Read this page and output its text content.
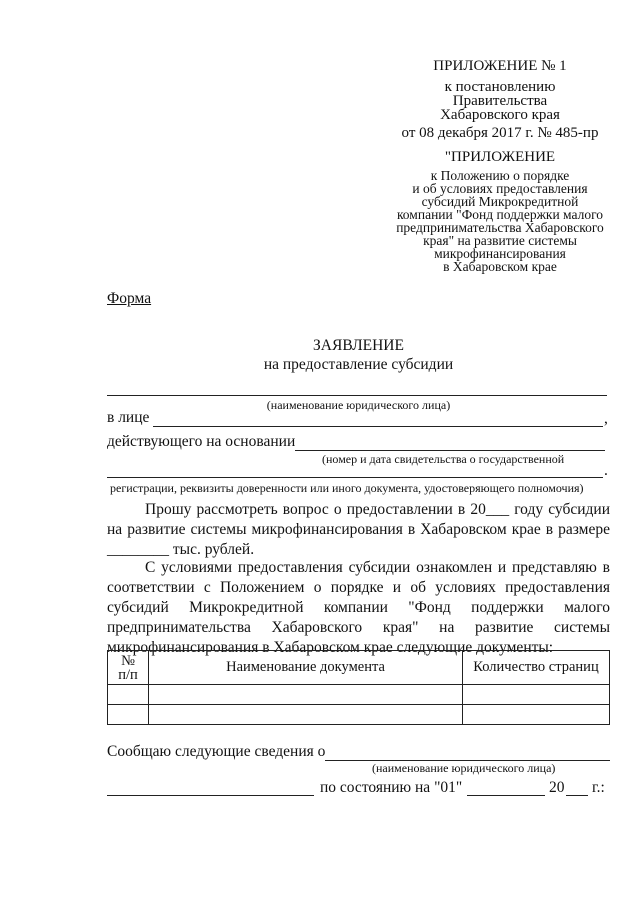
ПРИЛОЖЕНИЕ № 1
к постановлению
Правительства
Хабаровского края
от 08 декабря 2017 г. № 485-пр
"ПРИЛОЖЕНИЕ
к Положению о порядке
и об условиях предоставления
субсидий Микрокредитной
компании "Фонд поддержки малого
предпринимательства Хабаровского
края" на развитие системы
микрофинансирования
в Хабаровском крае
Форма
ЗАЯВЛЕНИЕ
на предоставление субсидии
(наименование юридического лица)
в лице	,
действующего на основании
(номер и дата свидетельства о государственной
.
регистрации, реквизиты доверенности или иного документа, удостоверяющего полномочия)
Прошу рассмотреть вопрос о предоставлении в 20___ году субсидии на развитие системы микрофинансирования в Хабаровском крае в размере ________ тыс. рублей.
С условиями предоставления субсидии ознакомлен и представляю в соответствии с Положением о порядке и об условиях предоставления субсидий Микрокредитной компании "Фонд поддержки малого предпринимательства Хабаровского края" на развитие системы микрофинансирования в Хабаровском крае следующие документы:
№
п/п	Наименование документа	Количество страниц

Сообщаю следующие сведения о
(наименование юридического лица)
по состоянию на "01"	20 г.:
